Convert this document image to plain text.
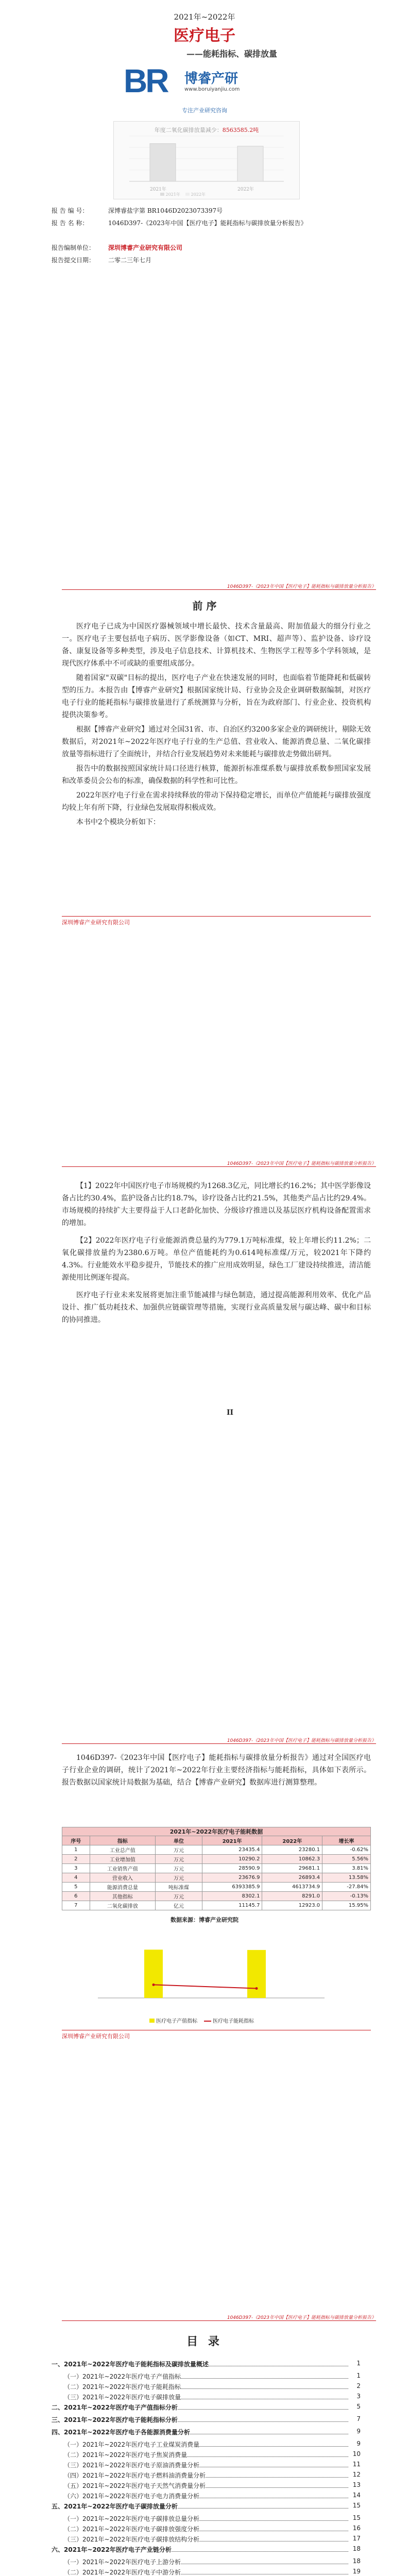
2021年~2022年
医疗电子
——能耗指标、碳排放量
BR 博睿产研
www.boruiyanjiu.com
专注产业研究咨询
年度二氧化碳排放量减少：8563585.2吨
2021年	2022年
2021年	2022年
报 告 编 号：	深博睿盐字第 BR1046D2023073397号
报 告 名 称：	1046D397-《2023年中国【医疗电子】能耗指标与碳排放量分析报告》
报告编制单位： 深圳博睿产业研究有限公司
报告提交日期： 二零二三年七月
1046D397-《2023年中国【医疗电子】能耗指标与碳排放量分析报告》
前 序

医疗电子已成为中国医疗器械领域中增长最快、技术含量最高、附加值最大的细分行业之一。医疗电子主要包括电子病历、医学影像设备（如CT、MRI、超声等）、监护设备、诊疗设备、康复设备等多种类型，涉及电子信息技术、计算机技术、生物医学工程等多个学科领域，是现代医疗体系中不可或缺的重要组成部分。

随着国家"双碳"目标的提出，医疗电子产业在快速发展的同时，也面临着节能降耗和低碳转型的压力。本报告由【博睿产业研究】根据国家统计局、行业协会及企业调研数据编制，对医疗电子行业的能耗指标与碳排放量进行了系统测算与分析，旨在为政府部门、行业企业、投资机构提供决策参考。

根据【博睿产业研究】通过对全国31省、市、自治区约3200多家企业的调研统计，剔除无效数据后，对2021年~2022年医疗电子行业的生产总值、营业收入、能源消费总量、二氧化碳排放量等指标进行了全面统计，并结合行业发展趋势对未来能耗与碳排放走势做出研判。

报告中的数据按照国家统计局口径进行核算，能源折标准煤系数与碳排放系数参照国家发展和改革委员会公布的标准，确保数据的科学性和可比性。

2022年医疗电子行业在需求持续释放的带动下保持稳定增长，而单位产值能耗与碳排放强度均较上年有所下降，行业绿色发展取得积极成效。

本书中2个模块分析如下：

深圳博睿产业研究有限公司
1046D397-《2023年中国【医疗电子】能耗指标与碳排放量分析报告》

【1】2022年中国医疗电子市场规模约为1268.3亿元，同比增长约16.2%；其中医学影像设备占比约30.4%，监护设备占比约18.7%，诊疗设备占比约21.5%，其他类产品占比约29.4%。市场规模的持续扩大主要得益于人口老龄化加快、分级诊疗推进以及基层医疗机构设备配置需求的增加。

【2】2022年医疗电子行业能源消费总量约为779.1万吨标准煤，较上年增长约11.2%；二氧化碳排放量约为2380.6万吨。单位产值能耗约为0.614吨标准煤/万元，较2021年下降约4.3%。行业能效水平稳步提升，节能技术的推广应用成效明显，绿色工厂建设持续推进，清洁能源使用比例逐年提高。

医疗电子行业未来发展将更加注重节能减排与绿色制造，通过提高能源利用效率、优化产品设计、推广低功耗技术、加强供应链碳管理等措施，实现行业高质量发展与碳达峰、碳中和目标的协同推进。

II
1046D397-《2023年中国【医疗电子】能耗指标与碳排放量分析报告》
1046D397-《2023年中国【医疗电子】能耗指标与碳排放量分析报告》通过对全国医疗电子行业企业的调研，统计了2021年~2022年行业主要经济指标与能耗指标，具体如下表所示。报告数据以国家统计局数据为基础，结合【博睿产业研究】数据库进行测算整理。
2021年~2022年医疗电子能耗数据
序号	指标	单位	2021年	2022年	增长率
1	工业总产值	万元	23435.4	23280.1	-0.62%
2	工业增加值	万元	10290.2	10862.3	5.56%
3	工业销售产值	万元	28590.9	29681.1	3.81%
4	营业收入	万元	23676.9	26893.4	13.58%
5	能源消费总量	吨标准煤	6393385.9	4613734.9	-27.84%
6	其他指标	万元	8302.1	8291.0	-0.13%
7	二氧化碳排放	亿元	11145.7	12923.0	15.95%
数据来源：博睿产业研究院
医疗电子产值指标	医疗电子能耗指标
深圳博睿产业研究有限公司
1046D397-《2023年中国【医疗电子】能耗指标与碳排放量分析报告》
目 录
一、2021年~2022年医疗电子能耗指标及碳排放量概述	1
（一）2021年~2022年医疗电子产值指标	1
（二）2021年~2022年医疗电子能耗指标	2
（三）2021年~2022年医疗电子碳排放量	3
二、2021年~2022年医疗电子产值指标分析	5
三、2021年~2022年医疗电子能耗指标分析	7
四、2021年~2022年医疗电子各能源消费量分析	9
（一）2021年~2022年医疗电子工业煤炭消费量	9
（二）2021年~2022年医疗电子焦炭消费量	10
（三）2021年~2022年医疗电子原油消费量分析	11
（四）2021年~2022年医疗电子燃料油消费量分析	12
（五）2021年~2022年医疗电子天然气消费量分析	13
（六）2021年~2022年医疗电子电力消费量分析	14
五、2021年~2022年医疗电子碳排放量分析	15
（一）2021年~2022年医疗电子碳排放总量分析	15
（二）2021年~2022年医疗电子碳排放强度分析	16
（三）2021年~2022年医疗电子碳排放结构分析	17
六、2021年~2022年医疗电子产业链分析	18
（一）2021年~2022年医疗电子上游分析	18
（二）2021年~2022年医疗电子中游分析	19
